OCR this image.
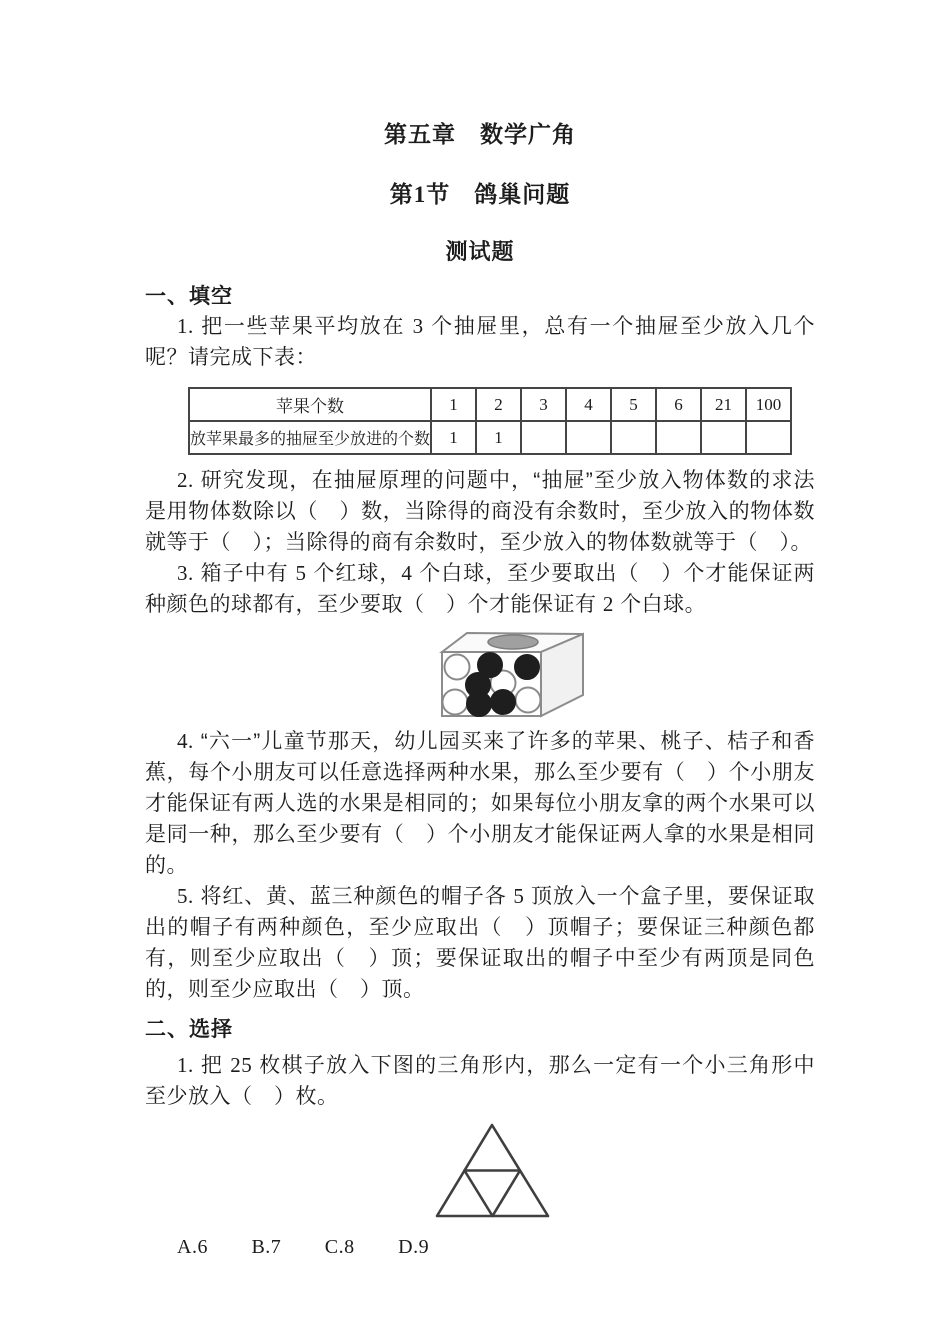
第五章　数学广角
第1节　鸽巢问题
测试题
一、填空

1. 把一些苹果平均放在 3 个抽屉里，总有一个抽屉至少放入几个呢？请完成下表：

苹果个数	1	2	3	4	5	6	21	100
放苹果最多的抽屉至少放进的个数	1	1						

2. 研究发现，在抽屉原理的问题中，“抽屉”至少放入物体数的求法是用物体数除以（　）数，当除得的商没有余数时，至少放入的物体数就等于（　）；当除得的商有余数时，至少放入的物体数就等于（　）。

3. 箱子中有 5 个红球，4 个白球，至少要取出（　）个才能保证两种颜色的球都有，至少要取（　）个才能保证有 2 个白球。

4. “六一”儿童节那天，幼儿园买来了许多的苹果、桃子、桔子和香蕉，每个小朋友可以任意选择两种水果，那么至少要有（　）个小朋友才能保证有两人选的水果是相同的；如果每位小朋友拿的两个水果可以是同一种，那么至少要有（　）个小朋友才能保证两人拿的水果是相同的。

5. 将红、黄、蓝三种颜色的帽子各 5 顶放入一个盒子里，要保证取出的帽子有两种颜色，至少应取出（　）顶帽子；要保证三种颜色都有，则至少应取出（　）顶；要保证取出的帽子中至少有两顶是同色的，则至少应取出（　）顶。

二、选择

1. 把 25 枚棋子放入下图的三角形内，那么一定有一个小三角形中至少放入（　）枚。

A.6 B.7 C.8 D.9
